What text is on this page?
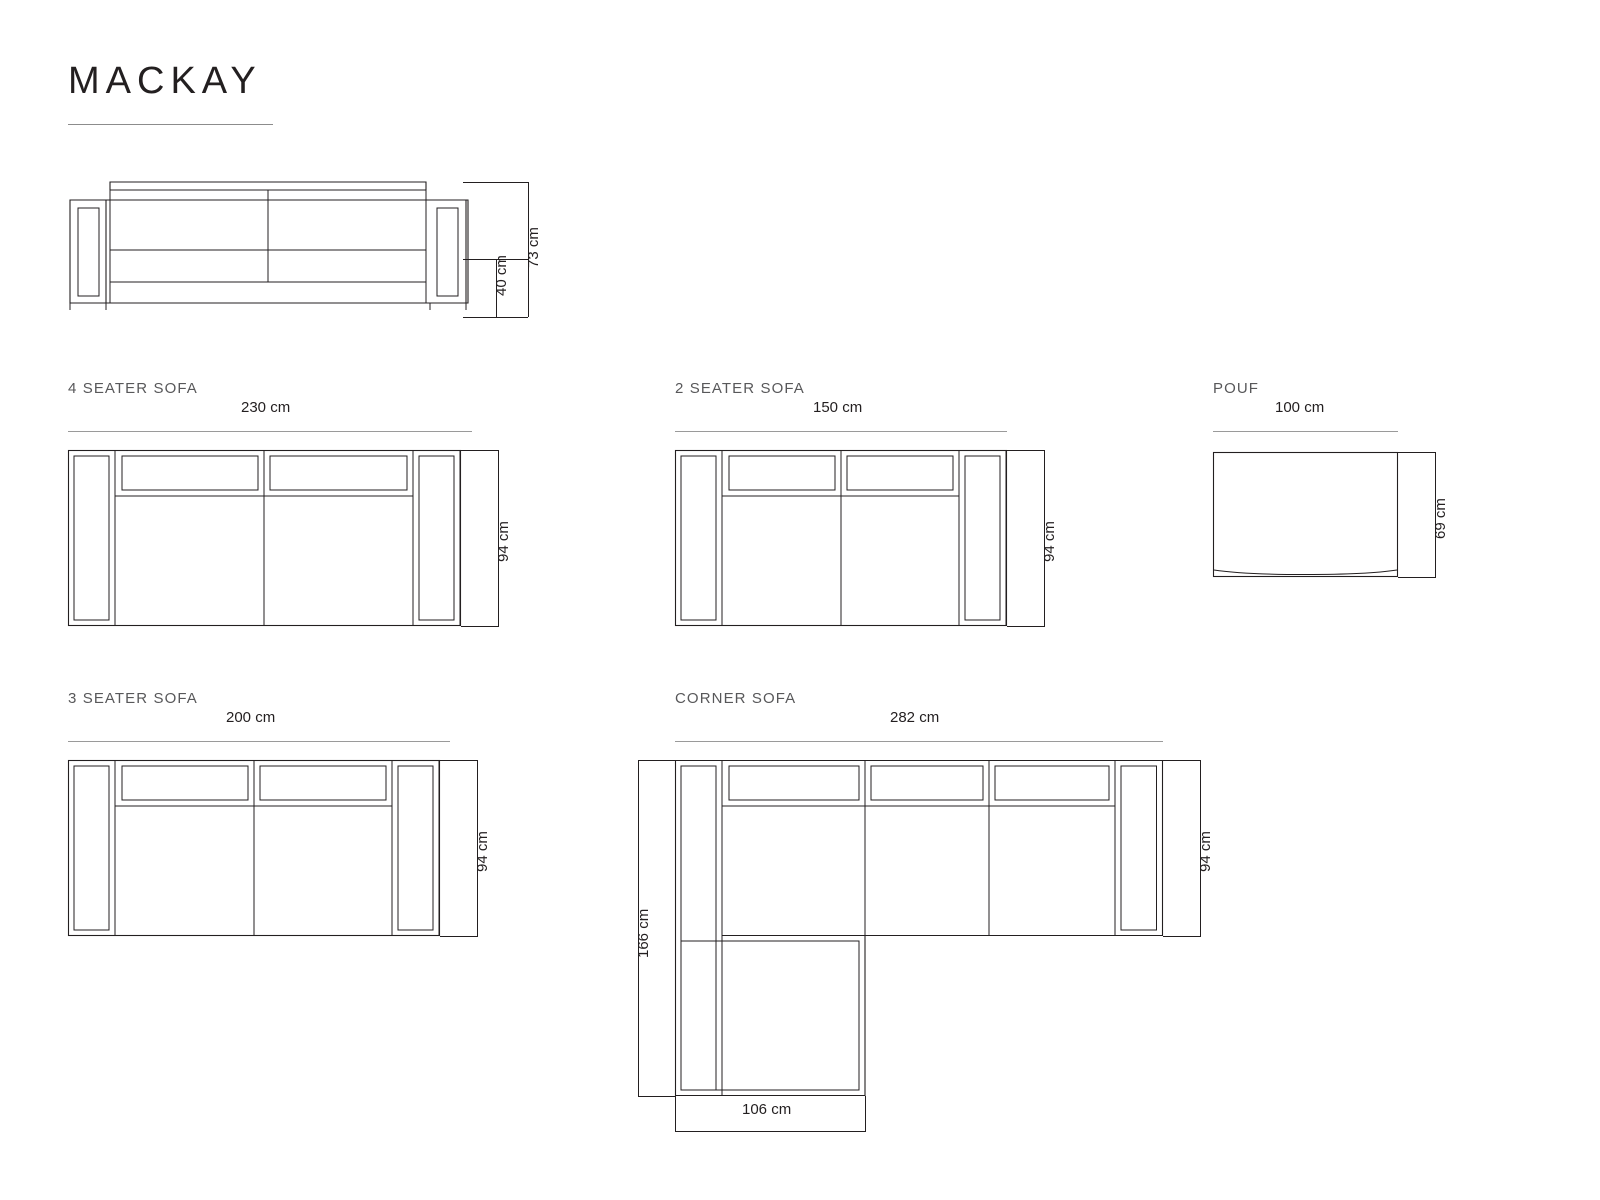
MACKAY
73 cm
40 cm
4 SEATER SOFA
230 cm
94 cm
2 SEATER SOFA
150 cm
94 cm
POUF
100 cm
69 cm
3 SEATER SOFA
200 cm
94 cm
CORNER SOFA
282 cm
94 cm
166 cm
106 cm
